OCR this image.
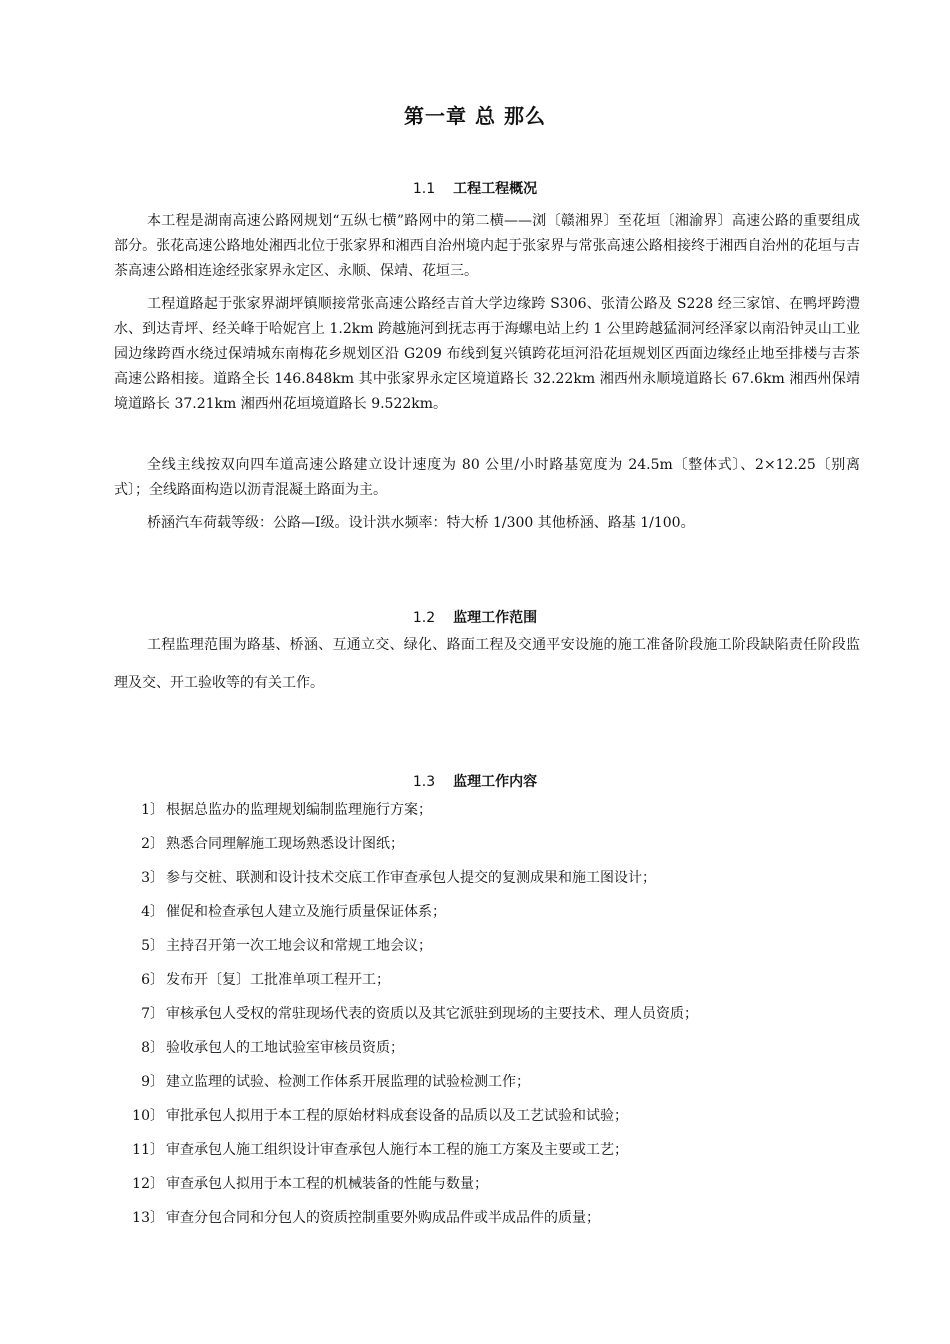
第一章 总 那么
1.1 工程工程概况

本工程是湖南高速公路网规划“五纵七横”路网中的第二横——浏〔赣湘界〕至花垣〔湘渝界〕高速公路的重要组成部分。张花高速公路地处湘西北位于张家界和湘西自治州境内起于张家界与常张高速公路相接终于湘西自治州的花垣与吉茶高速公路相连途经张家界永定区、永顺、保靖、花垣三。

工程道路起于张家界湖坪镇顺接常张高速公路经吉首大学边缘跨 S306、张清公路及 S228 经三家馆、在鸭坪跨澧水、到达青坪、经关峰于哈妮宫上 1.2km 跨越施河到抚志再于海螺电站上约 1 公里跨越猛洞河经泽家以南沿钟灵山工业园边缘跨酉水绕过保靖城东南梅花乡规划区沿 G209 布线到复兴镇跨花垣河沿花垣规划区西面边缘经止地至排楼与吉茶高速公路相接。道路全长 146.848km 其中张家界永定区境道路长 32.22km 湘西州永顺境道路长 67.6km 湘西州保靖境道路长 37.21km 湘西州花垣境道路长 9.522km。

全线主线按双向四车道高速公路建立设计速度为 80 公里/小时路基宽度为 24.5m〔整体式〕、2×12.25〔别离式〕；全线路面构造以沥青混凝土路面为主。

桥涵汽车荷载等级：公路—Ⅰ级。设计洪水频率：特大桥 1/300 其他桥涵、路基 1/100。

1.2 监理工作范围

工程监理范围为路基、桥涵、互通立交、绿化、路面工程及交通平安设施的施工准备阶段施工阶段缺陷责任阶段监理及交、开工验收等的有关工作。

1.3 监理工作内容
1〕 根据总监办的监理规划编制监理施行方案；
2〕 熟悉合同理解施工现场熟悉设计图纸；
3〕 参与交桩、联测和设计技术交底工作审查承包人提交的复测成果和施工图设计；
4〕 催促和检查承包人建立及施行质量保证体系；
5〕 主持召开第一次工地会议和常规工地会议；
6〕 发布开〔复〕工批准单项工程开工；
7〕 审核承包人受权的常驻现场代表的资质以及其它派驻到现场的主要技术、理人员资质；
8〕 验收承包人的工地试验室审核员资质；
9〕 建立监理的试验、检测工作体系开展监理的试验检测工作；
10〕 审批承包人拟用于本工程的原始材料成套设备的品质以及工艺试验和试验；
11〕 审查承包人施工组织设计审查承包人施行本工程的施工方案及主要或工艺；
12〕 审查承包人拟用于本工程的机械装备的性能与数量；
13〕 审查分包合同和分包人的资质控制重要外购成品件或半成品件的质量；
